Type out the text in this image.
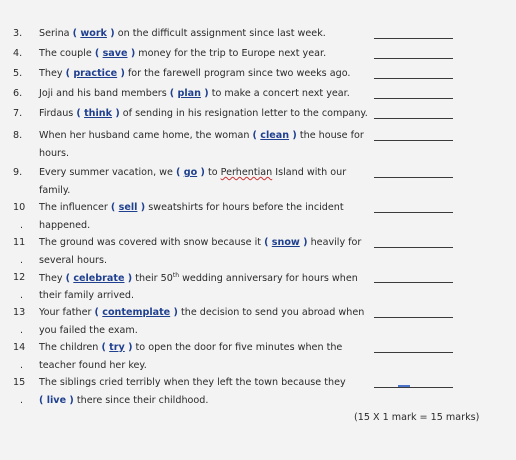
3.	Serina ( work ) on the difficult assignment since last week.
4.	The couple ( save ) money for the trip to Europe next year.
5.	They ( practice ) for the farewell program since two weeks ago.
6.	Joji and his band members ( plan ) to make a concert next year.
7.	Firdaus ( think ) of sending in his resignation letter to the company.
8.	When her husband came home, the woman ( clean ) the house for
hours.
9.	Every summer vacation, we ( go ) to Perhentian Island with our
family.
10	The influencer ( sell ) sweatshirts for hours before the incident
. happened.
11	The ground was covered with snow because it ( snow ) heavily for
. several hours.
12	They ( celebrate ) their 50th wedding anniversary for hours when
. their family arrived.
13	Your father ( contemplate ) the decision to send you abroad when
. you failed the exam.
14	The children ( try ) to open the door for five minutes when the
. teacher found her key.
15	The siblings cried terribly when they left the town because they
. ( live ) there since their childhood.
(15 X 1 mark = 15 marks)
